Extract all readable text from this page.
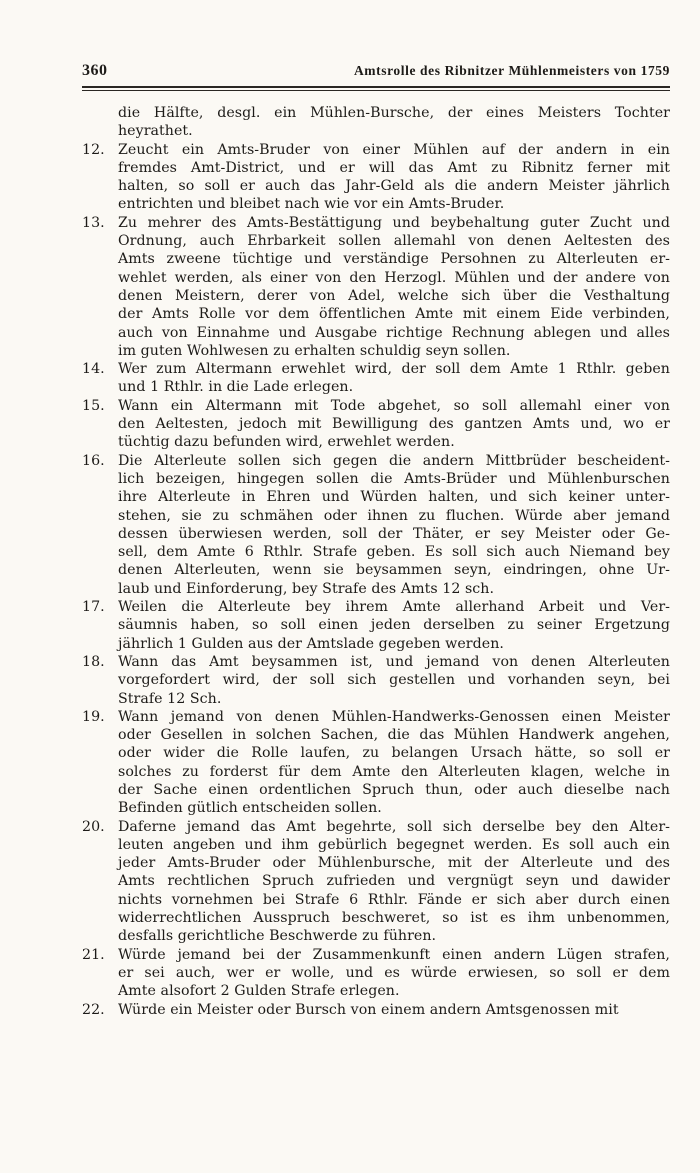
360	Amtsrolle des Ribnitzer Mühlenmeisters von 1759
die Hälfte, desgl. ein Mühlen-Bursche, der eines Meisters Tochter
heyrathet.
12. Zeucht ein Amts-Bruder von einer Mühlen auf der andern in ein
fremdes Amt-District, und er will das Amt zu Ribnitz ferner mit
halten, so soll er auch das Jahr-Geld als die andern Meister jährlich
entrichten und bleibet nach wie vor ein Amts-Bruder.
13. Zu mehrer des Amts-Bestättigung und beybehaltung guter Zucht und
Ordnung, auch Ehrbarkeit sollen allemahl von denen Aeltesten des
Amts zweene tüchtige und verständige Persohnen zu Alterleuten er-
wehlet werden, als einer von den Herzogl. Mühlen und der andere von
denen Meistern, derer von Adel, welche sich über die Vesthaltung
der Amts Rolle vor dem öffentlichen Amte mit einem Eide verbinden,
auch von Einnahme und Ausgabe richtige Rechnung ablegen und alles
im guten Wohlwesen zu erhalten schuldig seyn sollen.
14. Wer zum Altermann erwehlet wird, der soll dem Amte 1 Rthlr. geben
und 1 Rthlr. in die Lade erlegen.
15. Wann ein Altermann mit Tode abgehet, so soll allemahl einer von
den Aeltesten, jedoch mit Bewilligung des gantzen Amts und, wo er
tüchtig dazu befunden wird, erwehlet werden.
16. Die Alterleute sollen sich gegen die andern Mittbrüder bescheident-
lich bezeigen, hingegen sollen die Amts-Brüder und Mühlenburschen
ihre Alterleute in Ehren und Würden halten, und sich keiner unter-
stehen, sie zu schmähen oder ihnen zu fluchen. Würde aber jemand
dessen überwiesen werden, soll der Thäter, er sey Meister oder Ge-
sell, dem Amte 6 Rthlr. Strafe geben. Es soll sich auch Niemand bey
denen Alterleuten, wenn sie beysammen seyn, eindringen, ohne Ur-
laub und Einforderung, bey Strafe des Amts 12 sch.
17. Weilen die Alterleute bey ihrem Amte allerhand Arbeit und Ver-
säumnis haben, so soll einen jeden derselben zu seiner Ergetzung
jährlich 1 Gulden aus der Amtslade gegeben werden.
18. Wann das Amt beysammen ist, und jemand von denen Alterleuten
vorgefordert wird, der soll sich gestellen und vorhanden seyn, bei
Strafe 12 Sch.
19. Wann jemand von denen Mühlen-Handwerks-Genossen einen Meister
oder Gesellen in solchen Sachen, die das Mühlen Handwerk angehen,
oder wider die Rolle laufen, zu belangen Ursach hätte, so soll er
solches zu forderst für dem Amte den Alterleuten klagen, welche in
der Sache einen ordentlichen Spruch thun, oder auch dieselbe nach
Befinden gütlich entscheiden sollen.
20. Daferne jemand das Amt begehrte, soll sich derselbe bey den Alter-
leuten angeben und ihm gebürlich begegnet werden. Es soll auch ein
jeder Amts-Bruder oder Mühlenbursche, mit der Alterleute und des
Amts rechtlichen Spruch zufrieden und vergnügt seyn und dawider
nichts vornehmen bei Strafe 6 Rthlr. Fände er sich aber durch einen
widerrechtlichen Ausspruch beschweret, so ist es ihm unbenommen,
desfalls gerichtliche Beschwerde zu führen.
21. Würde jemand bei der Zusammenkunft einen andern Lügen strafen,
er sei auch, wer er wolle, und es würde erwiesen, so soll er dem
Amte alsofort 2 Gulden Strafe erlegen.
22. Würde ein Meister oder Bursch von einem andern Amtsgenossen mit
